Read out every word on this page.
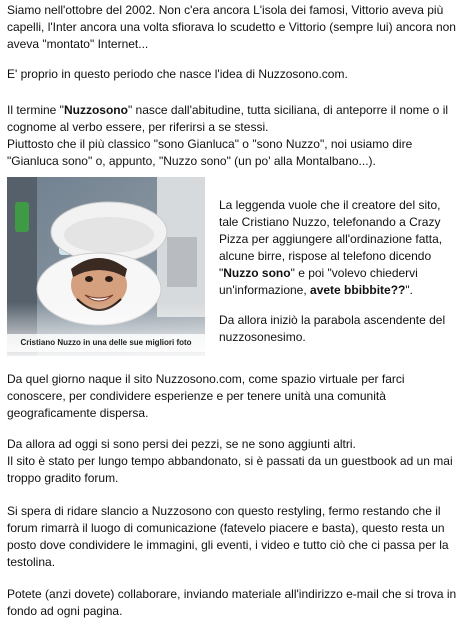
Siamo nell'ottobre del 2002. Non c'era ancora L'isola dei famosi, Vittorio aveva più
capelli, l'Inter ancora una volta sfiorava lo scudetto e Vittorio (sempre lui) ancora non
aveva "montato" Internet...

E' proprio in questo periodo che nasce l'idea di Nuzzosono.com.

Il termine "Nuzzosono" nasce dall'abitudine, tutta siciliana, di anteporre il nome o il
cognome al verbo essere, per riferirsi a se stessi.
Piuttosto che il più classico "sono Gianluca" o "sono Nuzzo", noi usiamo dire
"Gianluca sono" o, appunto, "Nuzzo sono" (un po' alla Montalbano...).

Cristiano Nuzzo in una delle sue migliori foto

La leggenda vuole che il creatore del sito,
tale Cristiano Nuzzo, telefonando a Crazy
Pizza per aggiungere all'ordinazione fatta,
alcune birre, rispose al telefono dicendo
"Nuzzo sono" e poi "volevo chiedervi
un'informazione, avete bbibbite??".

Da allora iniziò la parabola ascendente del
nuzzosonesimo.

Da quel giorno naque il sito Nuzzosono.com, come spazio virtuale per farci
conoscere, per condividere esperienze e per tenere unità una comunità
geograficamente dispersa.

Da allora ad oggi si sono persi dei pezzi, se ne sono aggiunti altri.
Il sito è stato per lungo tempo abbandonato, si è passati da un guestbook ad un mai
troppo gradito forum.

Si spera di ridare slancio a Nuzzosono con questo restyling, fermo restando che il
forum rimarrà il luogo di comunicazione (fatevelo piacere e basta), questo resta un
posto dove condividere le immagini, gli eventi, i video e tutto ciò che ci passa per la
testolina.

Potete (anzi dovete) collaborare, inviando materiale all'indirizzo e-mail che si trova in
fondo ad ogni pagina.
